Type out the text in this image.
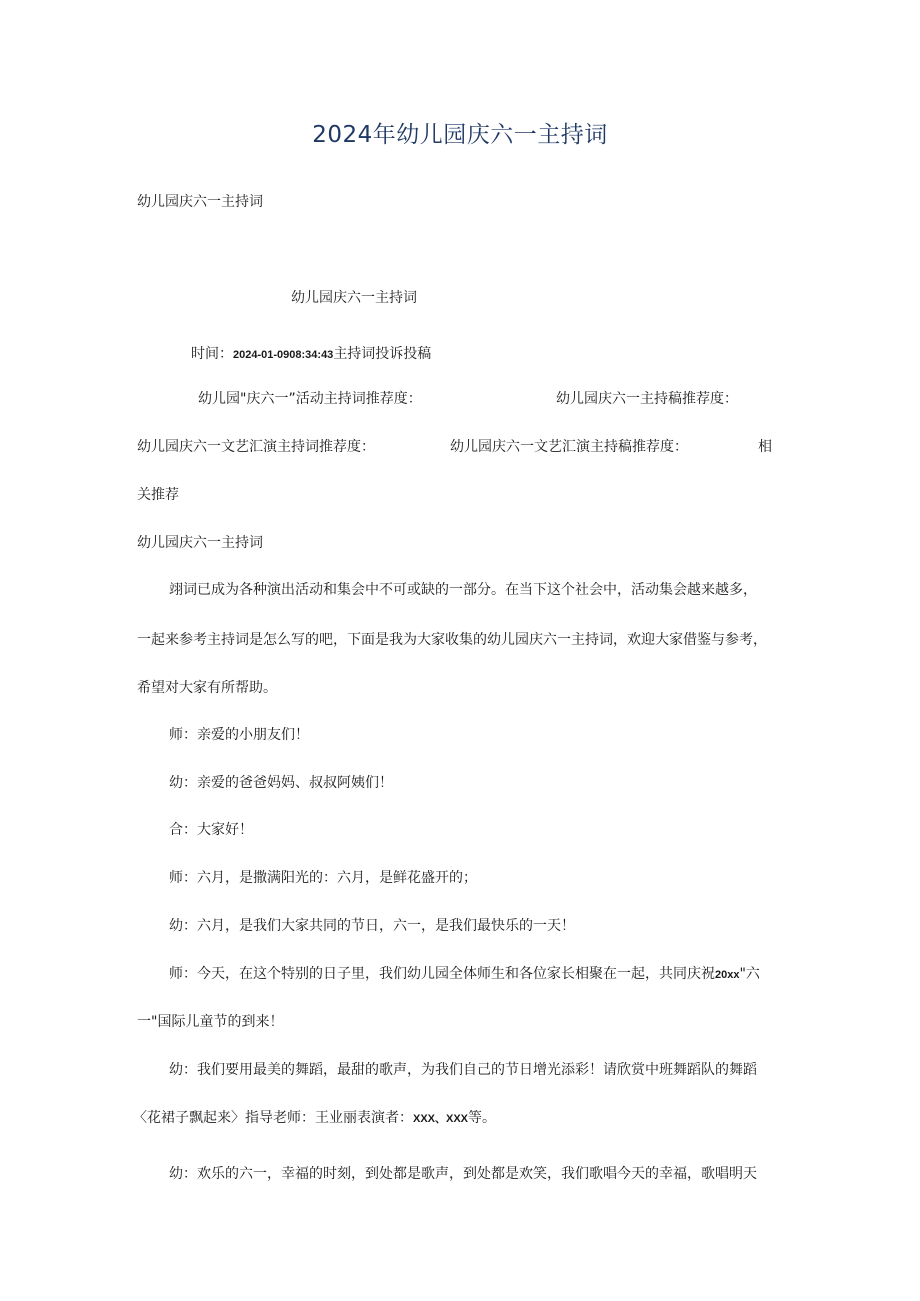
2024年幼儿园庆六一主持词
幼儿园庆六一主持词
幼儿园庆六一主持词
时间：2024-01-0908:34:43主持词投诉投稿
幼儿园"庆六一”活动主持词推荐度：	幼儿园庆六一主持稿推荐度：
幼儿园庆六一文艺汇演主持词推荐度：	幼儿园庆六一文艺汇演主持稿推荐度：	相
关推荐
幼儿园庆六一主持词
翊词已成为各种演出活动和集会中不可或缺的一部分。在当下这个社会中，活动集会越来越多，
一起来参考主持词是怎么写的吧，下面是我为大家收集的幼儿园庆六一主持词，欢迎大家借鉴与参考，
希望对大家有所帮助。
师：亲爱的小朋友们！
幼：亲爱的爸爸妈妈、叔叔阿姨们！
合：大家好！
师：六月，是撒满阳光的：六月，是鲜花盛开的；
幼：六月，是我们大家共同的节日，六一，是我们最快乐的一天！
师：今天，在这个特别的日子里，我们幼儿园全体师生和各位家长相聚在一起，共同庆祝20xx"六
一"国际儿童节的到来！
幼：我们要用最美的舞蹈，最甜的歌声，为我们自己的节日增光添彩！请欣赏中班舞蹈队的舞蹈
〈花裙子飘起来〉指导老师：王业丽表演者：XXX、XXX等。
幼：欢乐的六一，幸福的时刻，到处都是歌声，到处都是欢笑，我们歌唱今天的幸福，歌唱明天
